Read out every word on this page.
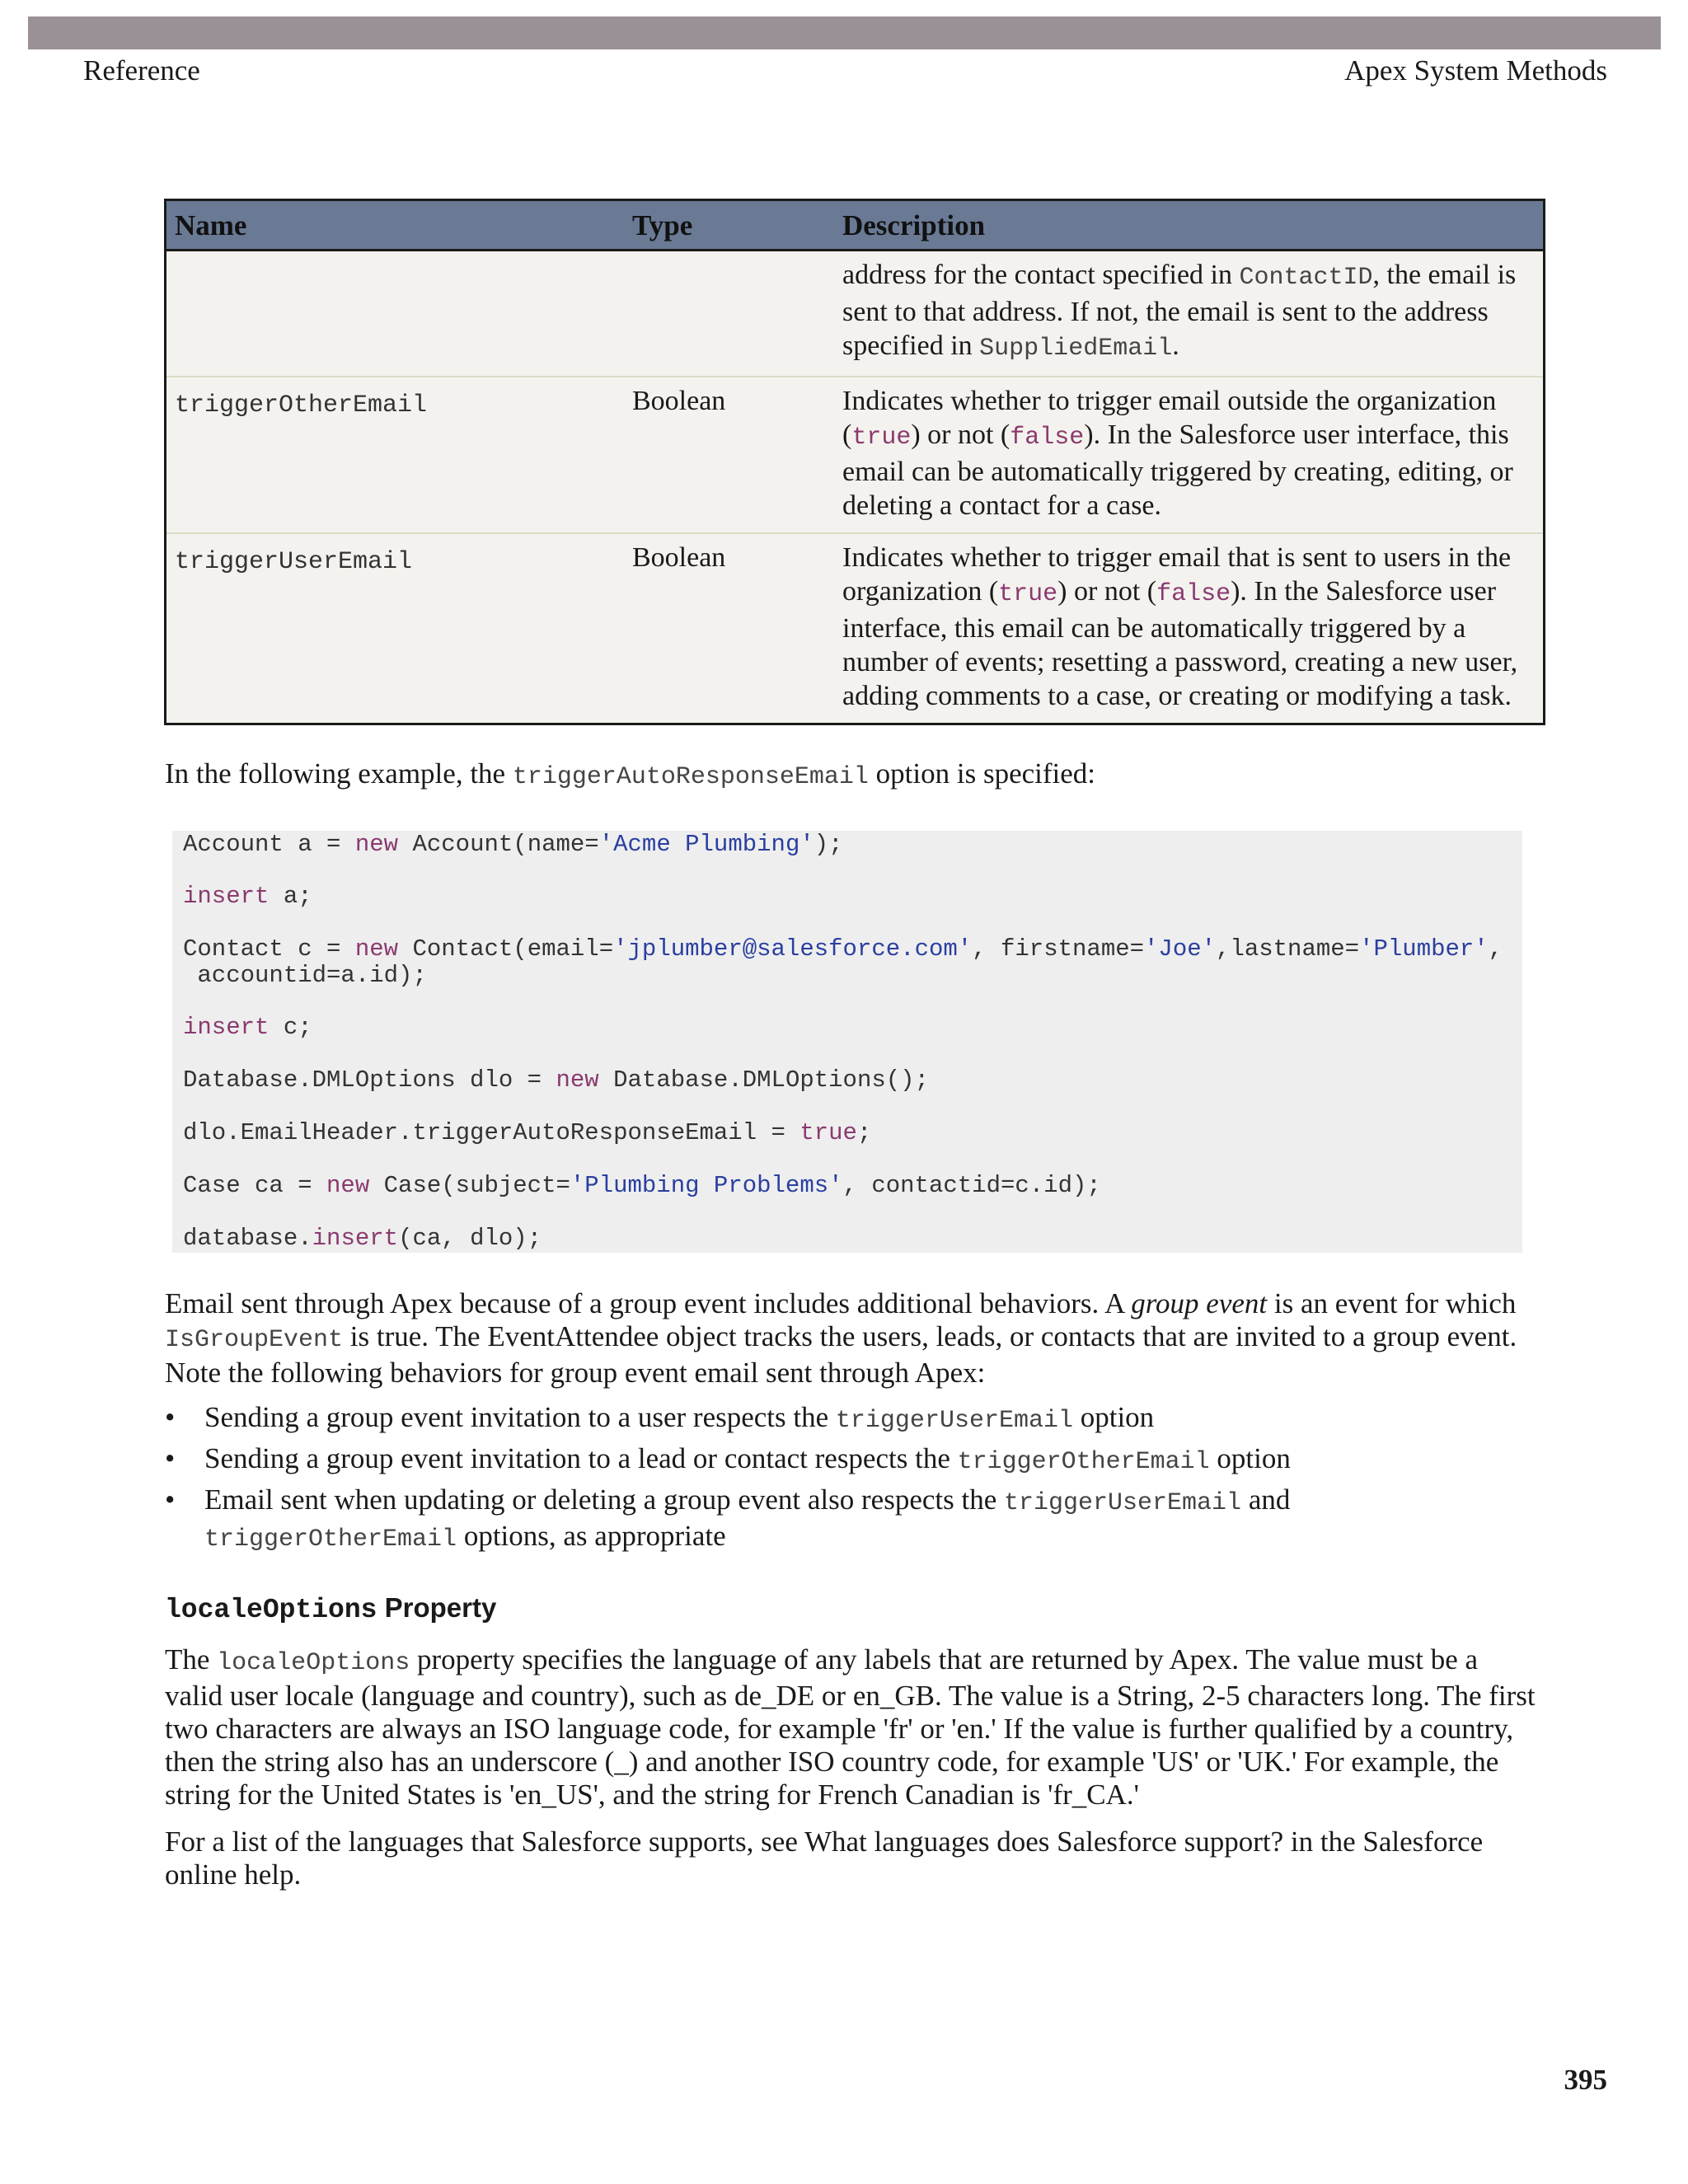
Reference	Apex System Methods
Name	Type	Description
		address for the contact specified in ContactID, the email is sent to that address. If not, the email is sent to the address specified in SuppliedEmail.
triggerOtherEmail	Boolean	Indicates whether to trigger email outside the organization (true) or not (false). In the Salesforce user interface, this email can be automatically triggered by creating, editing, or deleting a contact for a case.
triggerUserEmail	Boolean	Indicates whether to trigger email that is sent to users in the organization (true) or not (false). In the Salesforce user interface, this email can be automatically triggered by a number of events; resetting a password, creating a new user, adding comments to a case, or creating or modifying a task.
In the following example, the triggerAutoResponseEmail option is specified:
Account a = new Account(name='Acme Plumbing');
insert a;
Contact c = new Contact(email='jplumber@salesforce.com', firstname='Joe',lastname='Plumber',
accountid=a.id);
insert c;
Database.DMLOptions dlo = new Database.DMLOptions();
dlo.EmailHeader.triggerAutoResponseEmail = true;
Case ca = new Case(subject='Plumbing Problems', contactid=c.id);
database.insert(ca, dlo);
Email sent through Apex because of a group event includes additional behaviors. A group event is an event for which IsGroupEvent is true. The EventAttendee object tracks the users, leads, or contacts that are invited to a group event. Note the following behaviors for group event email sent through Apex:
• Sending a group event invitation to a user respects the triggerUserEmail option
• Sending a group event invitation to a lead or contact respects the triggerOtherEmail option
• Email sent when updating or deleting a group event also respects the triggerUserEmail and triggerOtherEmail options, as appropriate
localeOptions Property
The localeOptions property specifies the language of any labels that are returned by Apex. The value must be a valid user locale (language and country), such as de_DE or en_GB. The value is a String, 2-5 characters long. The first two characters are always an ISO language code, for example 'fr' or 'en.' If the value is further qualified by a country, then the string also has an underscore (_) and another ISO country code, for example 'US' or 'UK.' For example, the string for the United States is 'en_US', and the string for French Canadian is 'fr_CA.'
For a list of the languages that Salesforce supports, see What languages does Salesforce support? in the Salesforce online help.
395
